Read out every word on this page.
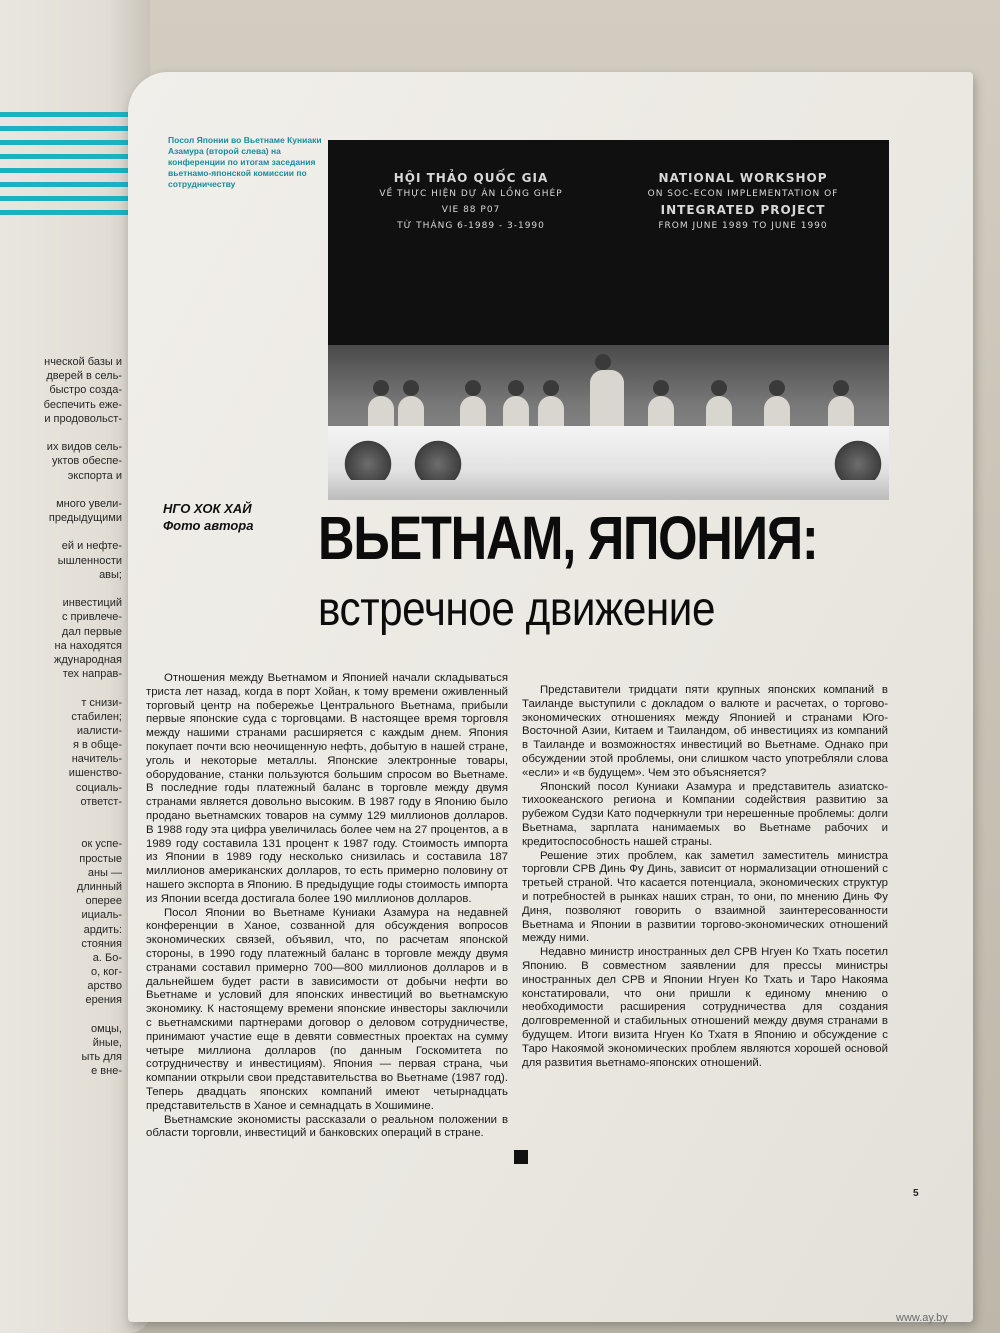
нческой базы и
дверей в сель-
быстро созда-
беспечить еже-
и продовольст-
их видов сель-
уктов обеспе-
экспорта и
много увели-
предыдущими
ей и нефте-
ышленности
авы;
инвестиций
с привлече-
дал первые
на находятся
ждународная
тех направ-
т снизи-
стабилен;
иалисти-
я в обще-
начитель-
ишенство-
социаль-
ответст-
ок успе-
простые
аны —
длинный
оперее
ициаль-
ардить:
стояния
а. Бо-
о, ког-
арство
ерения
омцы,
йные,
ыть для
е вне-
Посол Японии во Вьетнаме Куниаки Азамура (второй слева) на конференции по итогам заседания вьетнамо-японской комиссии по сотрудничеству	HỘI THẢO QUỐC GIA
VỀ THỰC HIỆN DỰ ÁN LỒNG GHÉP
VIE 88 P07
TỪ THÁNG 6-1989 - 3-1990
NATIONAL WORKSHOP
ON SOC-ECON IMPLEMENTATION OF
INTEGRATED PROJECT
FROM JUNE 1989 TO JUNE 1990
НГО ХОК ХАЙ
Фото автора ВЬЕТНАМ, ЯПОНИЯ:
встречное движение

Отношения между Вьетнамом и Японией начали складываться триста лет назад, когда в порт Хойан, к тому времени оживленный торговый центр на побережье Центрального Вьетнама, прибыли первые японские суда с торговцами. В настоящее время торговля между нашими странами расширяется с каждым днем. Япония покупает почти всю неочищенную нефть, добытую в нашей стране, уголь и некоторые металлы. Японские электронные товары, оборудование, станки пользуются большим спросом во Вьетнаме. В последние годы платежный баланс в торговле между двумя странами является довольно высоким. В 1987 году в Японию было продано вьетнамских товаров на сумму 129 миллионов долларов. В 1988 году эта цифра увеличилась более чем на 27 процентов, а в 1989 году составила 131 процент к 1987 году. Стоимость импорта из Японии в 1989 году несколько снизилась и составила 187 миллионов американских долларов, то есть примерно половину от нашего экспорта в Японию. В предыдущие годы стоимость импорта из Японии всегда достигала более 190 миллионов долларов.

Посол Японии во Вьетнаме Куниаки Азамура на недавней конференции в Ханое, созванной для обсуждения вопросов экономических связей, объявил, что, по расчетам японской стороны, в 1990 году платежный баланс в торговле между двумя странами составил примерно 700—800 миллионов долларов и в дальнейшем будет расти в зависимости от добычи нефти во Вьетнаме и условий для японских инвестиций во вьетнамскую экономику. К настоящему времени японские инвесторы заключили с вьетнамскими партнерами договор о деловом сотрудничестве, принимают участие еще в девяти совместных проектах на сумму четыре миллиона долларов (по данным Госкомитета по сотрудничеству и инвестициям). Япония — первая страна, чьи компании открыли свои представительства во Вьетнаме (1987 год). Теперь двадцать японских компаний имеют четырнадцать представительств в Ханое и семнадцать в Хошимине.

Вьетнамские экономисты рассказали о реальном положении в области торговли, инвестиций и банковских операций в стране.

Представители тридцати пяти крупных японских компаний в Таиланде выступили с докладом о валюте и расчетах, о торгово-экономических отношениях между Японией и странами Юго-Восточной Азии, Китаем и Таиландом, об инвестициях из компаний в Таиланде и возможностях инвестиций во Вьетнаме. Однако при обсуждении этой проблемы, они слишком часто употребляли слова «если» и «в будущем». Чем это объясняется?

Японский посол Куниаки Азамура и представитель азиатско-тихоокеанского региона и Компании содействия развитию за рубежом Судзи Като подчеркнули три нерешенные проблемы: долги Вьетнама, зарплата нанимаемых во Вьетнаме рабочих и кредитоспособность нашей страны.

Решение этих проблем, как заметил заместитель министра торговли СРВ Динь Фу Динь, зависит от нормализации отношений с третьей страной. Что касается потенциала, экономических структур и потребностей в рынках наших стран, то они, по мнению Динь Фу Диня, позволяют говорить о взаимной заинтересованности Вьетнама и Японии в развитии торгово-экономических отношений между ними.

Недавно министр иностранных дел СРВ Нгуен Ко Тхать посетил Японию. В совместном заявлении для прессы министры иностранных дел СРВ и Японии Нгуен Ко Тхать и Таро Накояма констатировали, что они пришли к единому мнению о необходимости расширения сотрудничества для создания долговременной и стабильных отношений между двумя странами в будущем. Итоги визита Нгуен Ко Тхатя в Японию и обсуждение с Таро Накоямой экономических проблем являются хорошей основой для развития вьетнамо-японских отношений.

5
www.ay.by
